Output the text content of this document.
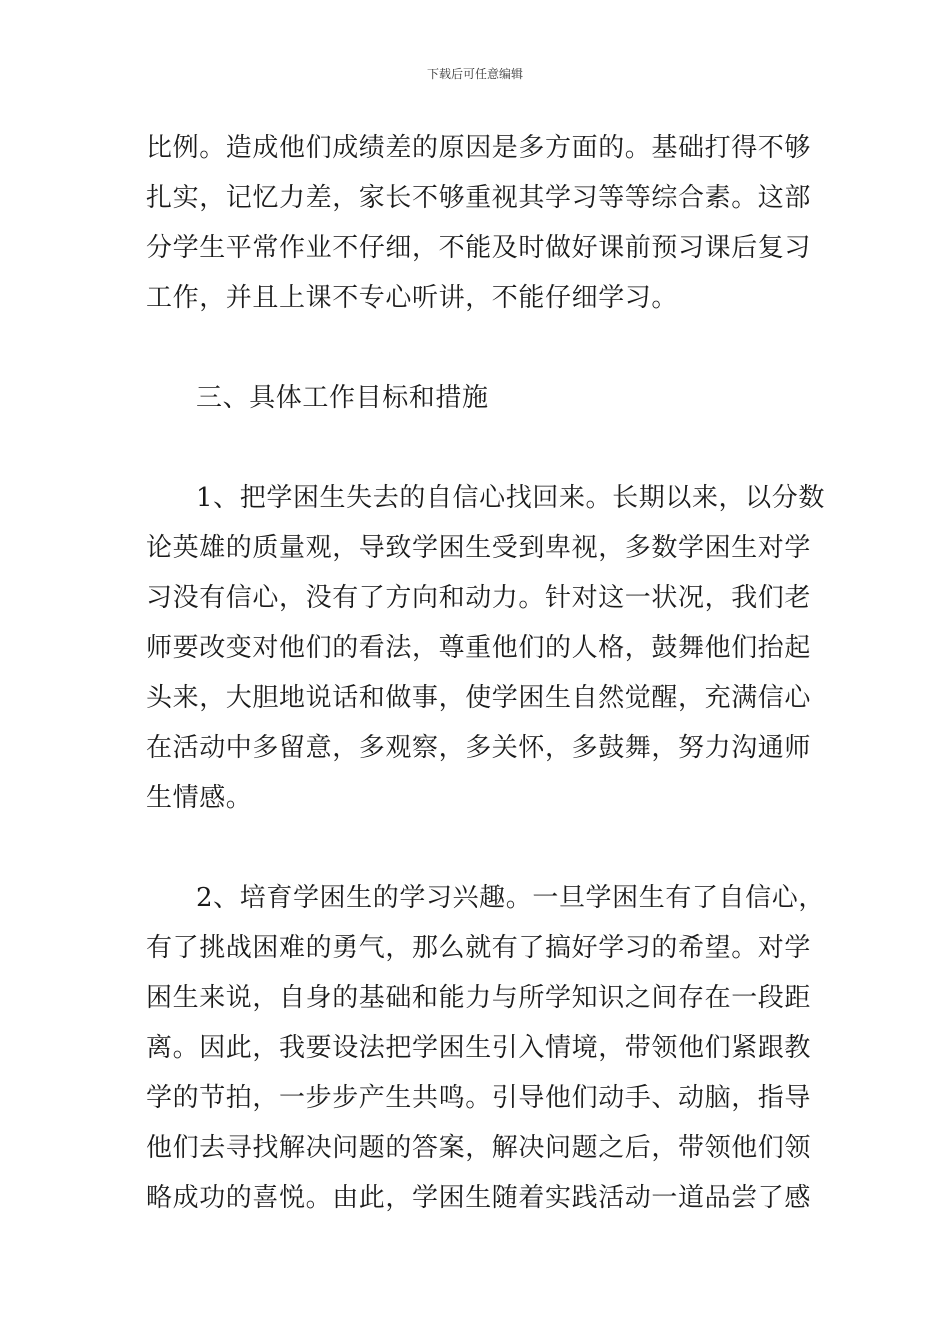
下载后可任意编辑
比例。造成他们成绩差的原因是多方面的。基础打得不够
扎实，记忆力差，家长不够重视其学习等等综合素。这部
分学生平常作业不仔细，不能及时做好课前预习课后复习
工作，并且上课不专心听讲，不能仔细学习。
三、具体工作目标和措施
1、把学困生失去的自信心找回来。长期以来，以分数
论英雄的质量观，导致学困生受到卑视，多数学困生对学
习没有信心，没有了方向和动力。针对这一状况，我们老
师要改变对他们的看法，尊重他们的人格，鼓舞他们抬起
头来，大胆地说话和做事，使学困生自然觉醒，充满信心
在活动中多留意，多观察，多关怀，多鼓舞，努力沟通师
生情感。
2、培育学困生的学习兴趣。一旦学困生有了自信心，
有了挑战困难的勇气，那么就有了搞好学习的希望。对学
困生来说，自身的基础和能力与所学知识之间存在一段距
离。因此，我要设法把学困生引入情境，带领他们紧跟教
学的节拍，一步步产生共鸣。引导他们动手、动脑，指导
他们去寻找解决问题的答案，解决问题之后，带领他们领
略成功的喜悦。由此，学困生随着实践活动一道品尝了感
